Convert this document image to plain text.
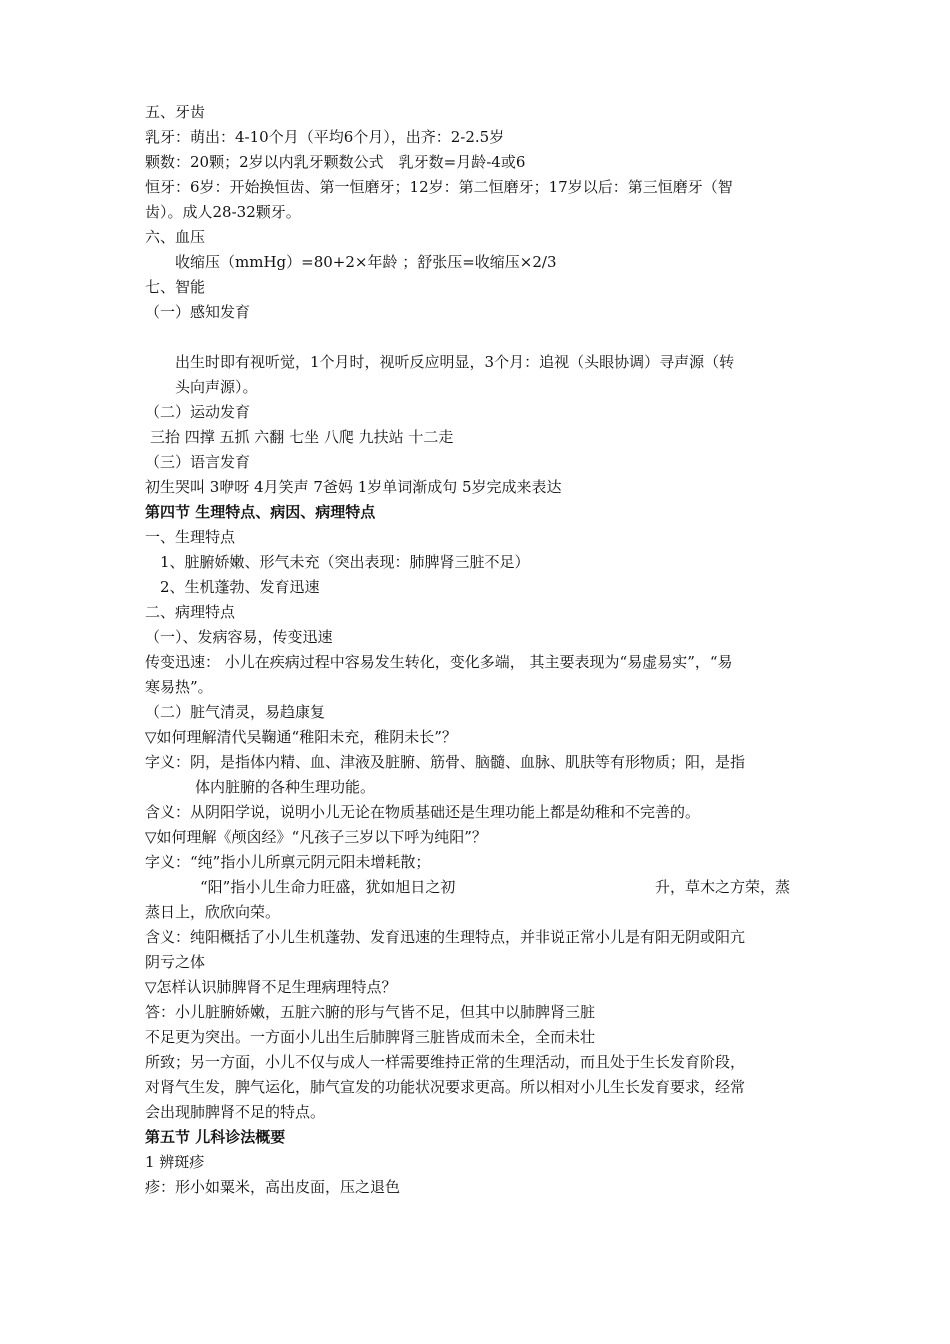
五、牙齿
乳牙：萌出：4-10个月（平均6个月），出齐：2-2.5岁
颗数：20颗；2岁以内乳牙颗数公式　乳牙数=月龄-4或6
恒牙：6岁：开始换恒齿、第一恒磨牙；12岁：第二恒磨牙；17岁以后：第三恒磨牙（智
齿）。成人28-32颗牙。
六、血压
收缩压（mmHg）=80+2×年龄 ；舒张压=收缩压×2/3
七、智能
（一）感知发育
出生时即有视听觉，1个月时，视听反应明显，3个月：追视（头眼协调）寻声源（转
头向声源）。
（二）运动发育
三抬 四撑 五抓 六翻 七坐 八爬 九扶站 十二走
（三）语言发育
初生哭叫 3咿呀 4月笑声 7爸妈 1岁单词渐成句 5岁完成来表达
第四节 生理特点、病因、病理特点
一、生理特点
1、脏腑娇嫩、形气未充（突出表现：肺脾肾三脏不足）
2、生机蓬勃、发育迅速
二、病理特点
（一）、发病容易，传变迅速
传变迅速： 小儿在疾病过程中容易发生转化，变化多端， 其主要表现为“易虚易实”，“易
寒易热”。
（二）脏气清灵，易趋康复
▽如何理解清代吴鞠通“稚阳未充，稚阴未长”？
字义：阴，是指体内精、血、津液及脏腑、筋骨、脑髓、血脉、肌肤等有形物质；阳，是指
体内脏腑的各种生理功能。
含义：从阴阳学说，说明小儿无论在物质基础还是生理功能上都是幼稚和不完善的。
▽如何理解《颅囟经》“凡孩子三岁以下呼为纯阳”？
字义：“纯”指小儿所禀元阴元阳未增耗散；
“阳”指小儿生命力旺盛，犹如旭日之初	升，草木之方荣，蒸
蒸日上，欣欣向荣。
含义：纯阳概括了小儿生机蓬勃、发育迅速的生理特点，并非说正常小儿是有阳无阴或阳亢
阴亏之体
▽怎样认识肺脾肾不足生理病理特点？
答：小儿脏腑娇嫩，五脏六腑的形与气皆不足，但其中以肺脾肾三脏
不足更为突出。一方面小儿出生后肺脾肾三脏皆成而未全，全而未壮
所致；另一方面，小儿不仅与成人一样需要维持正常的生理活动，而且处于生长发育阶段，
对肾气生发，脾气运化，肺气宣发的功能状况要求更高。所以相对小儿生长发育要求，经常
会出现肺脾肾不足的特点。
第五节 儿科诊法概要
1 辨斑疹
疹：形小如粟米，高出皮面，压之退色
